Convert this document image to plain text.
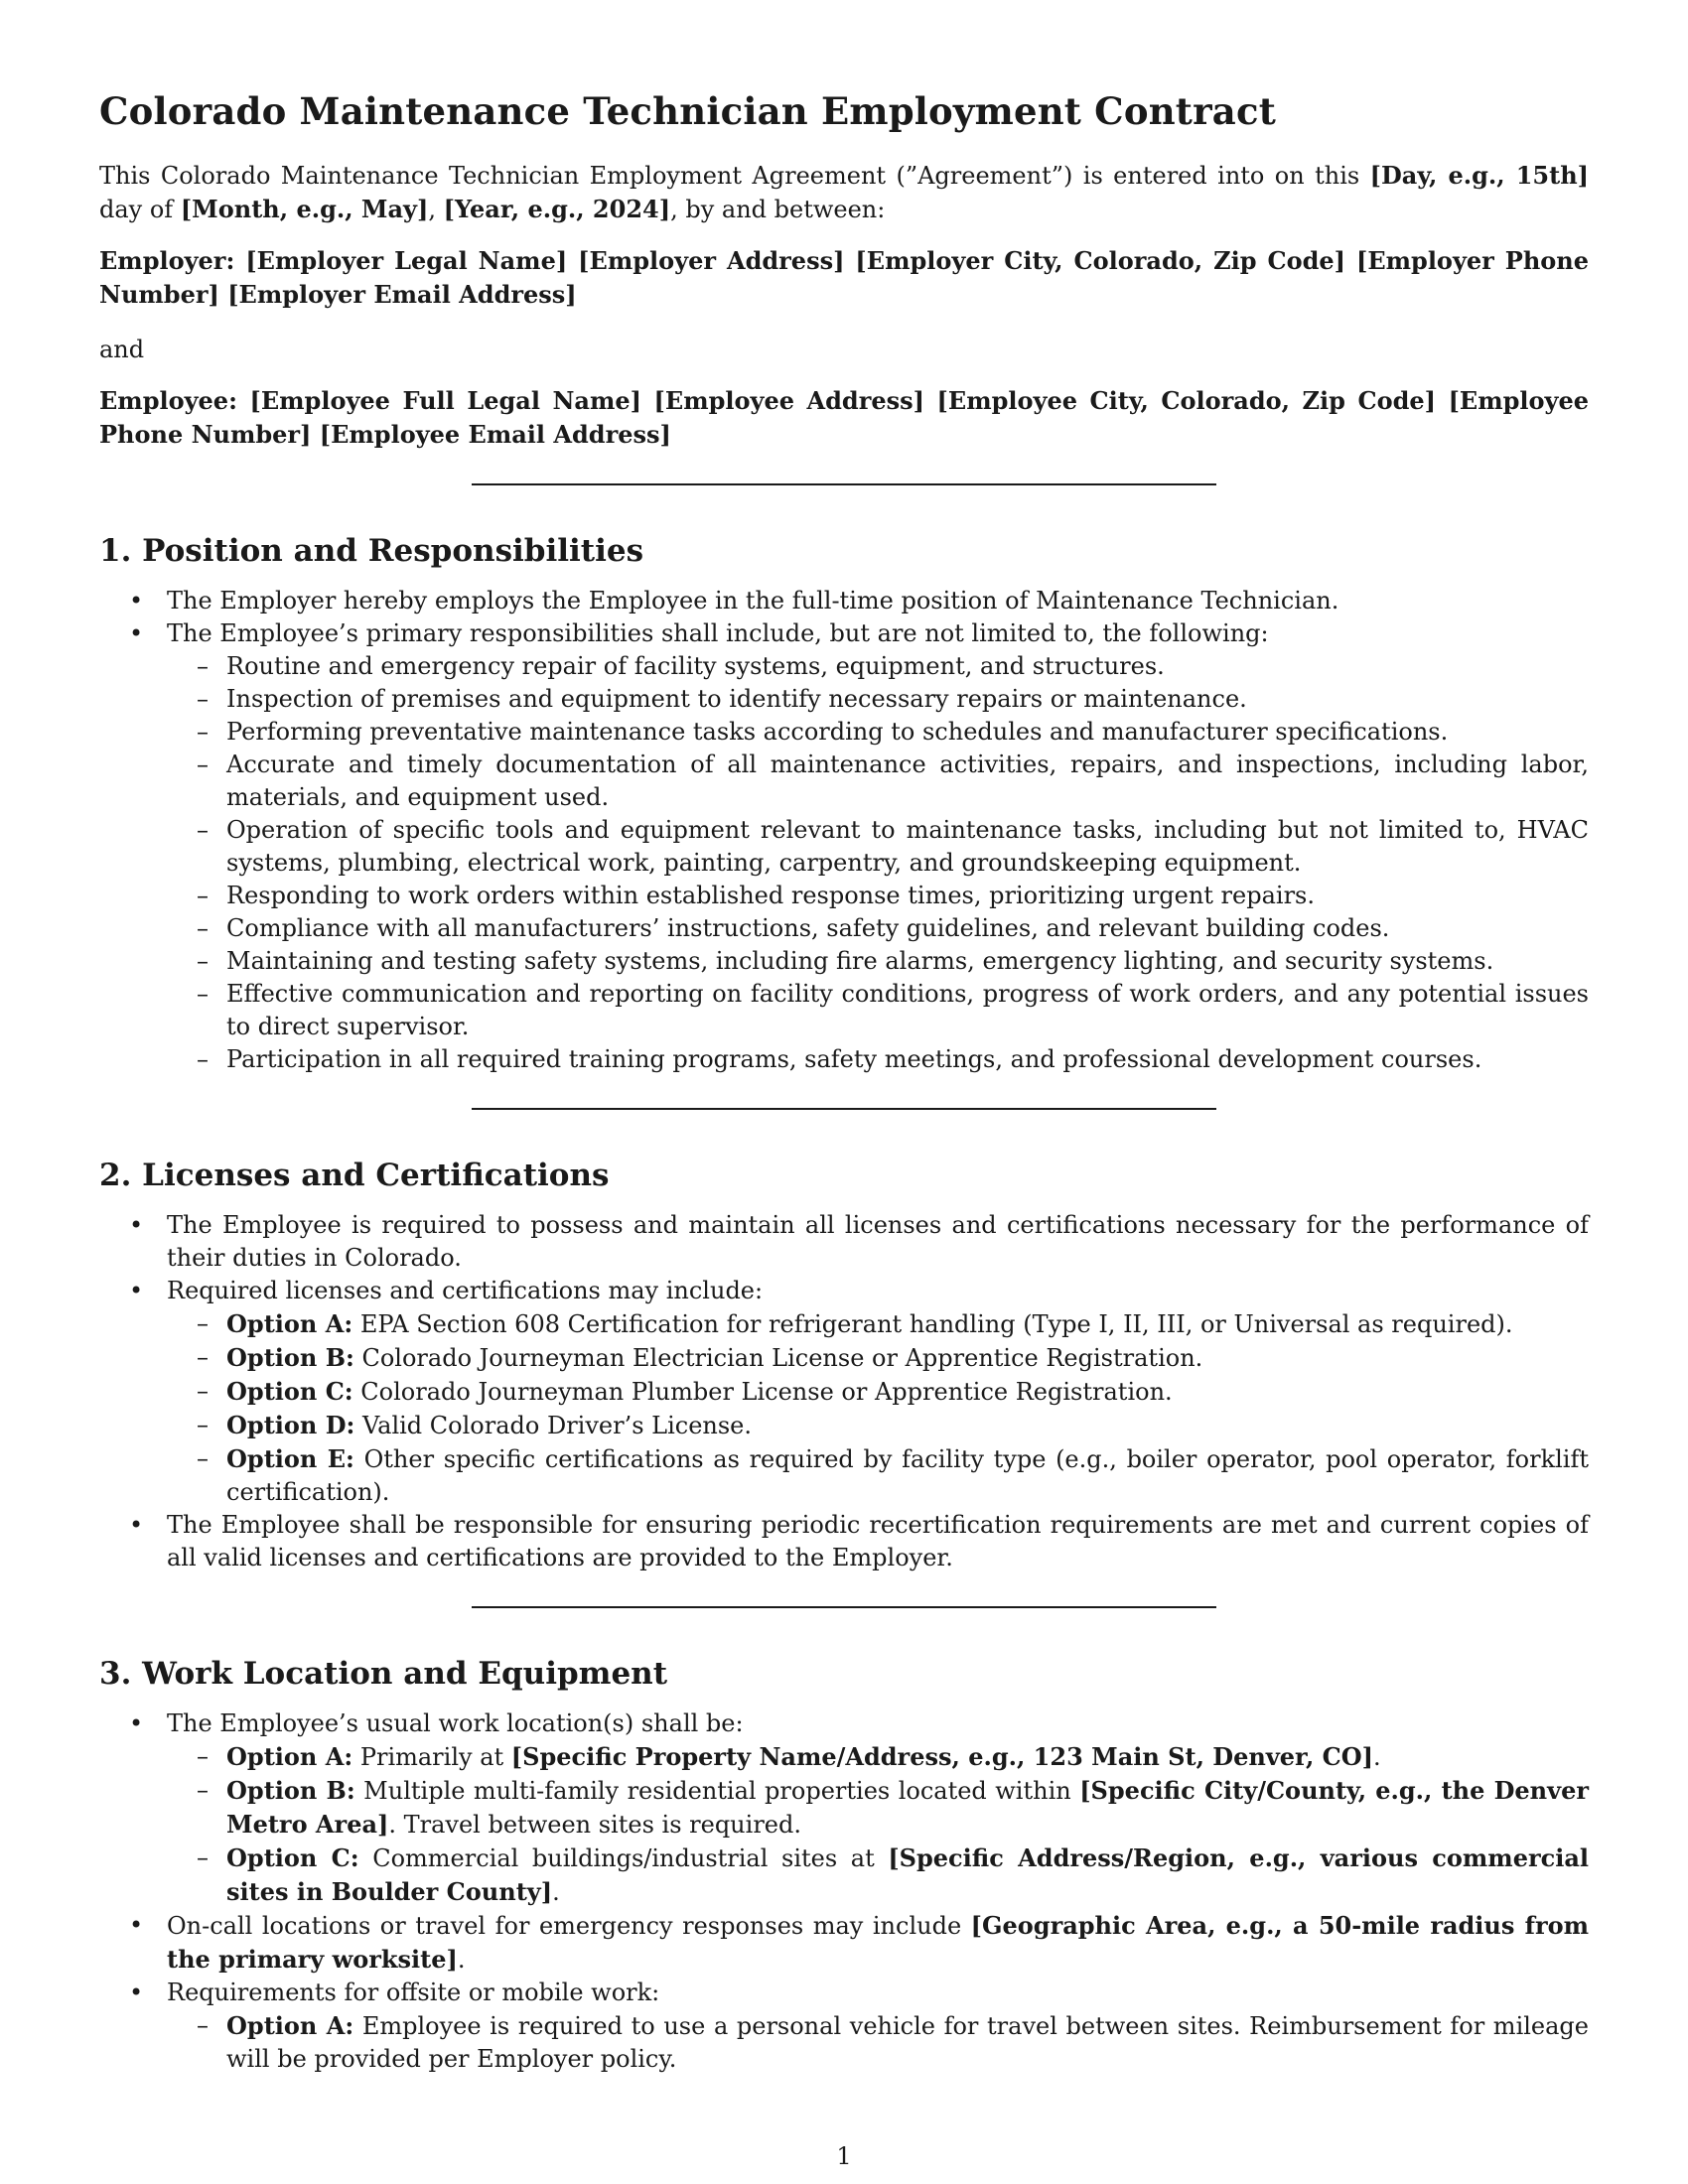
Colorado Maintenance Technician Employment Contract

This Colorado Maintenance Technician Employment Agreement (”Agreement”) is entered into on this [Day, e.g., 15th] day of [Month, e.g., May], [Year, e.g., 2024], by and between:

Employer: [Employer Legal Name] [Employer Address] [Employer City, Colorado, Zip Code] [Employer Phone Number] [Employer Email Address]

and

Employee: [Employee Full Legal Name] [Employee Address] [Employee City, Colorado, Zip Code] [Employee Phone Number] [Employee Email Address]

1. Position and Responsibilities
• The Employer hereby employs the Employee in the full-time position of Maintenance Technician.
• The Employee’s primary responsibilities shall include, but are not limited to, the following:
– Routine and emergency repair of facility systems, equipment, and structures.
– Inspection of premises and equipment to identify necessary repairs or maintenance.
– Performing preventative maintenance tasks according to schedules and manufacturer specifications.
– Accurate and timely documentation of all maintenance activities, repairs, and inspections, including labor, materials, and equipment used.
– Operation of specific tools and equipment relevant to maintenance tasks, including but not limited to, HVAC systems, plumbing, electrical work, painting, carpentry, and groundskeeping equipment.
– Responding to work orders within established response times, prioritizing urgent repairs.
– Compliance with all manufacturers’ instructions, safety guidelines, and relevant building codes.
– Maintaining and testing safety systems, including fire alarms, emergency lighting, and security systems.
– Effective communication and reporting on facility conditions, progress of work orders, and any potential issues to direct supervisor.
– Participation in all required training programs, safety meetings, and professional development courses.
2. Licenses and Certifications
• The Employee is required to possess and maintain all licenses and certifications necessary for the performance of their duties in Colorado.
• Required licenses and certifications may include:
– Option A: EPA Section 608 Certification for refrigerant handling (Type I, II, III, or Universal as required).
– Option B: Colorado Journeyman Electrician License or Apprentice Registration.
– Option C: Colorado Journeyman Plumber License or Apprentice Registration.
– Option D: Valid Colorado Driver’s License.
– Option E: Other specific certifications as required by facility type (e.g., boiler operator, pool operator, forklift certification).
• The Employee shall be responsible for ensuring periodic recertification requirements are met and current copies of all valid licenses and certifications are provided to the Employer.
3. Work Location and Equipment
• The Employee’s usual work location(s) shall be:
– Option A: Primarily at [Specific Property Name/Address, e.g., 123 Main St, Denver, CO].
– Option B: Multiple multi-family residential properties located within [Specific City/County, e.g., the Denver Metro Area]. Travel between sites is required.
– Option C: Commercial buildings/industrial sites at [Specific Address/Region, e.g., various commercial sites in Boulder County].
• On-call locations or travel for emergency responses may include [Geographic Area, e.g., a 50-mile radius from the primary worksite].
• Requirements for offsite or mobile work:
– Option A: Employee is required to use a personal vehicle for travel between sites. Reimbursement for mileage will be provided per Employer policy.
1
